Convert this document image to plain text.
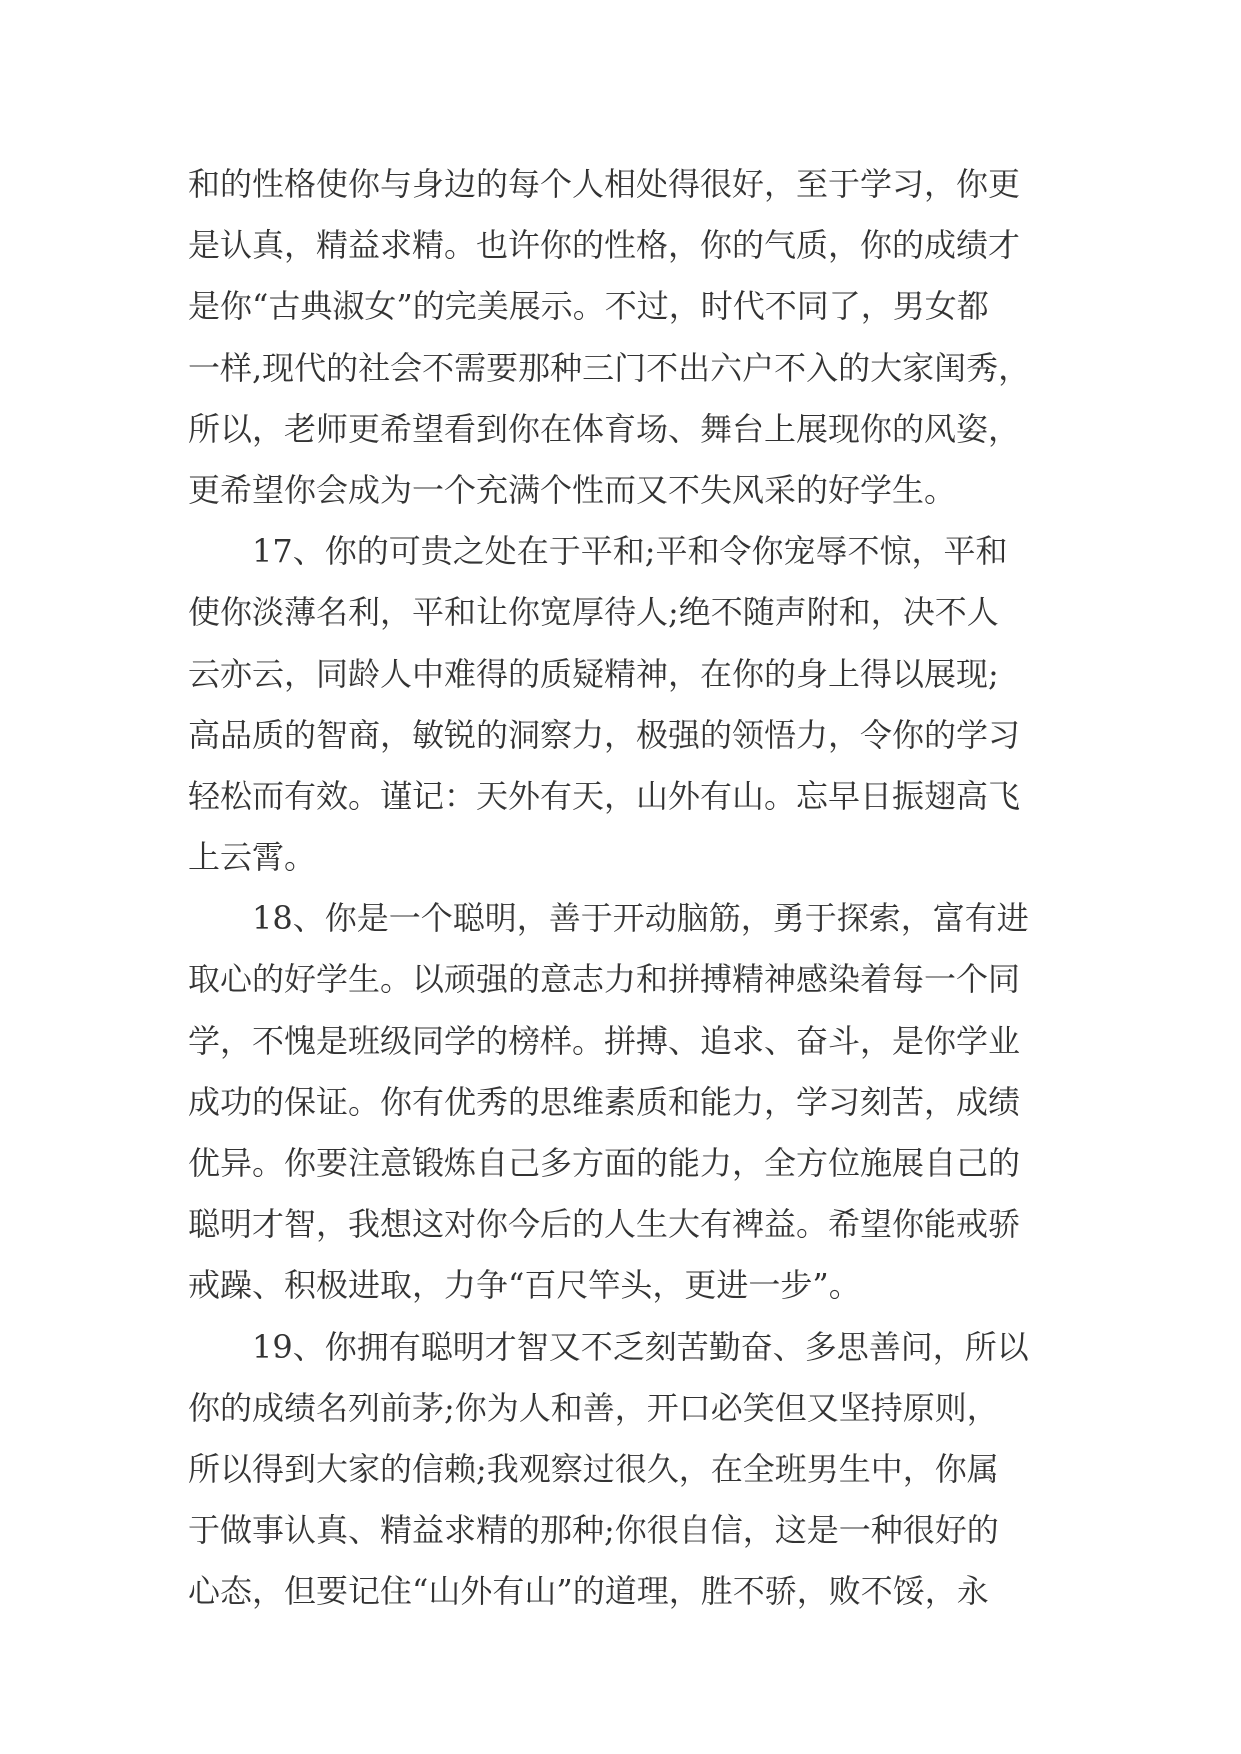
和的性格使你与身边的每个人相处得很好，至于学习，你更
是认真，精益求精。也许你的性格，你的气质，你的成绩才
是你“古典淑女”的完美展示。不过，时代不同了，男女都
一样,现代的社会不需要那种三门不出六户不入的大家闺秀，
所以，老师更希望看到你在体育场、舞台上展现你的风姿，
更希望你会成为一个充满个性而又不失风采的好学生。
17、你的可贵之处在于平和;平和令你宠辱不惊，平和
使你淡薄名利，平和让你宽厚待人;绝不随声附和，决不人
云亦云，同龄人中难得的质疑精神，在你的身上得以展现;
高品质的智商，敏锐的洞察力，极强的领悟力，令你的学习
轻松而有效。谨记：天外有天，山外有山。忘早日振翅高飞
上云霄。
18、你是一个聪明，善于开动脑筋，勇于探索，富有进
取心的好学生。以顽强的意志力和拼搏精神感染着每一个同
学，不愧是班级同学的榜样。拼搏、追求、奋斗，是你学业
成功的保证。你有优秀的思维素质和能力，学习刻苦，成绩
优异。你要注意锻炼自己多方面的能力，全方位施展自己的
聪明才智，我想这对你今后的人生大有裨益。希望你能戒骄
戒躁、积极进取，力争“百尺竿头，更进一步”。
19、你拥有聪明才智又不乏刻苦勤奋、多思善问，所以
你的成绩名列前茅;你为人和善，开口必笑但又坚持原则，
所以得到大家的信赖;我观察过很久，在全班男生中，你属
于做事认真、精益求精的那种;你很自信，这是一种很好的
心态，但要记住“山外有山”的道理，胜不骄，败不馁，永
